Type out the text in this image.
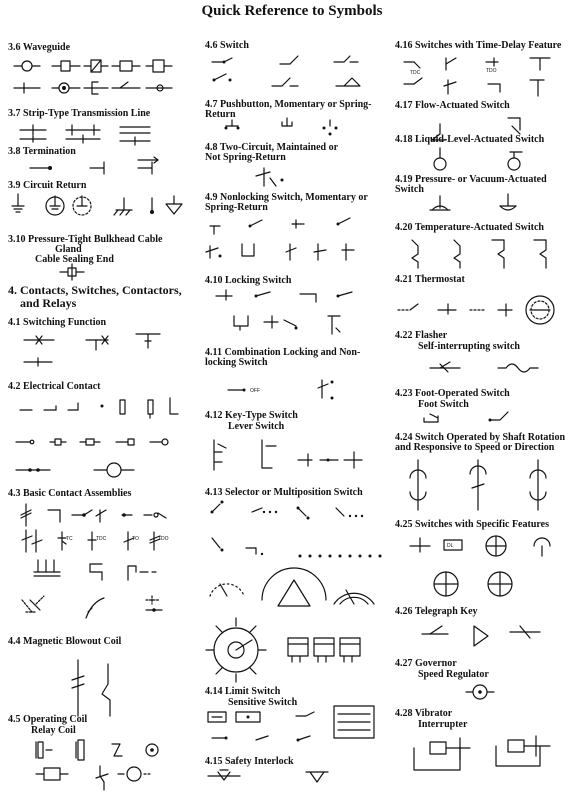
Quick Reference to Symbols
3.6 Waveguide
3.7 Strip-Type Transmission Line
3.8 Termination
3.9 Circuit Return
3.10 Pressure-Tight Bulkhead Cable
Gland
Cable Sealing End
4. Contacts, Switches, Contactors,
and Relays
4.1 Switching Function
4.2 Electrical Contact
4.3 Basic Contact Assemblies
TC	TDC	TO	TDO
4.4 Magnetic Blowout Coil
4.5 Operating Coil
Relay Coil
4.6 Switch
4.7 Pushbutton, Momentary or Spring-
Return
4.8 Two-Circuit, Maintained or
Not Spring-Return
4.9 Nonlocking Switch, Momentary or
Spring-Return
4.10 Locking Switch
4.11 Combination Locking and Non-
locking Switch
OFF
4.12 Key-Type Switch
Lever Switch
4.13 Selector or Multiposition Switch
4.14 Limit Switch
Sensitive Switch
4.15 Safety Interlock
4.16 Switches with Time-Delay Feature
TDC	TDO
4.17 Flow-Actuated Switch
4.18 Liquid-Level-Actuated Switch
4.19 Pressure- or Vacuum-Actuated
Switch
4.20 Temperature-Actuated Switch
4.21 Thermostat
4.22 Flasher
Self-interrupting switch
4.23 Foot-Operated Switch
Foot Switch
4.24 Switch Operated by Shaft Rotation
and Responsive to Speed or Direction
4.25 Switches with Specific Features
DL
4.26 Telegraph Key
4.27 Governor
Speed Regulator
4.28 Vibrator
Interrupter
